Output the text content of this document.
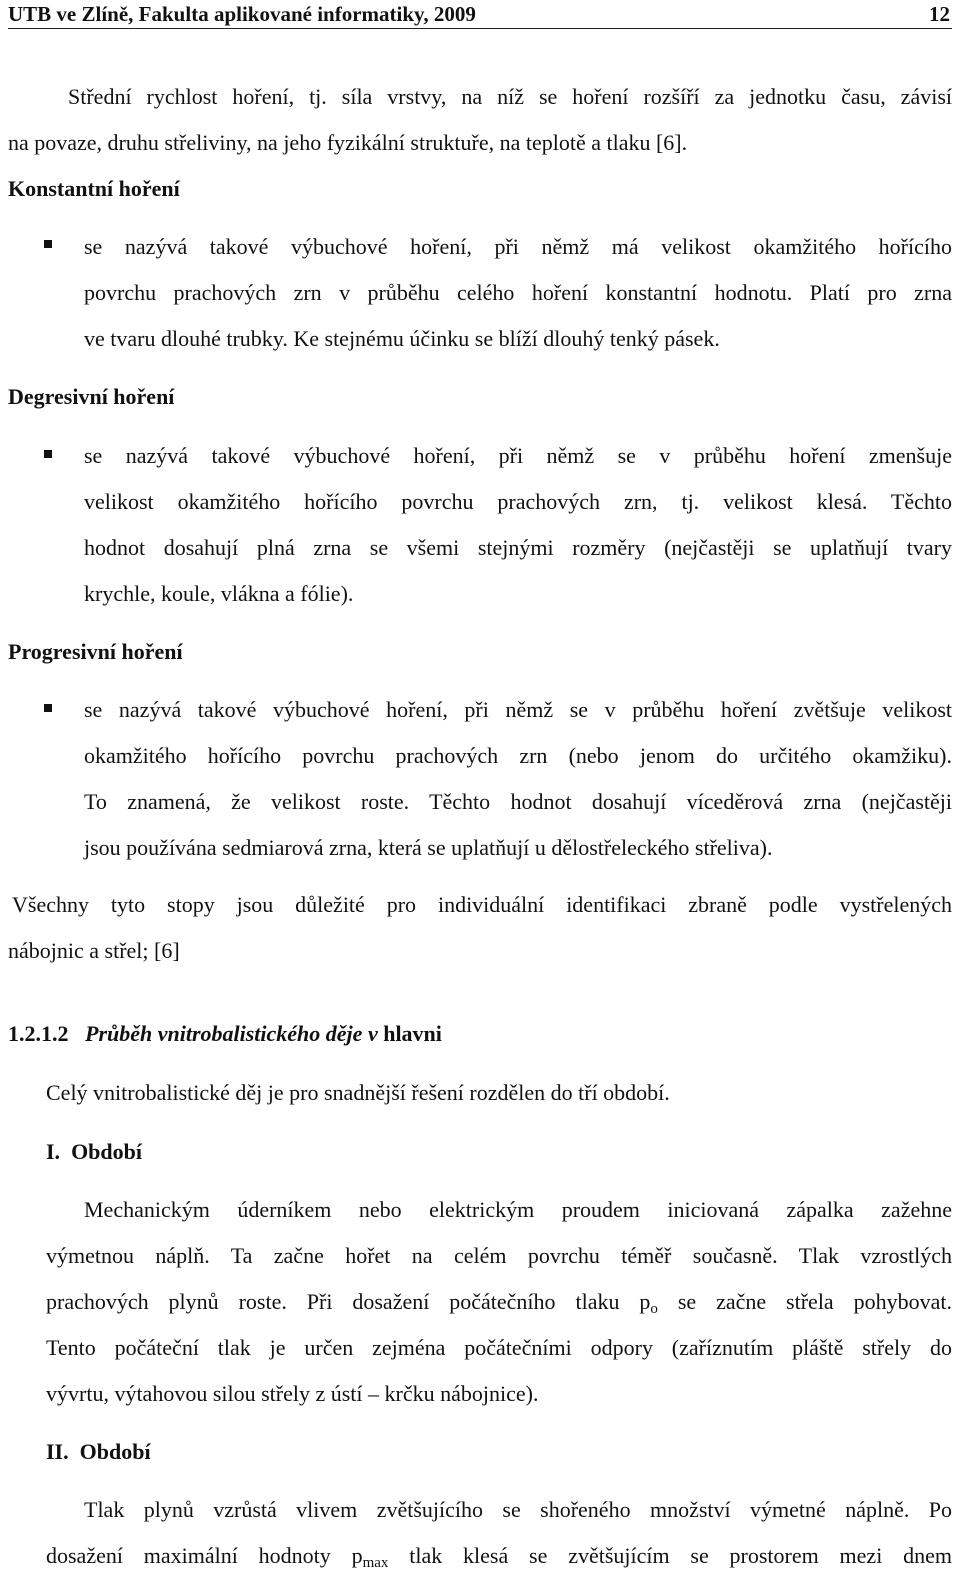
UTB ve Zlíně, Fakulta aplikované informatiky, 2009	12
Střední rychlost hoření, tj. síla vrstvy, na níž se hoření rozšíří za jednotku času, závisí
na povaze, druhu střeliviny, na jeho fyzikální struktuře, na teplotě a tlaku [6].
Konstantní hoření
se nazývá takové výbuchové hoření, při němž má velikost okamžitého hořícího
povrchu prachových zrn v průběhu celého hoření konstantní hodnotu. Platí pro zrna
ve tvaru dlouhé trubky. Ke stejnému účinku se blíží dlouhý tenký pásek.
Degresivní hoření
se nazývá takové výbuchové hoření, při němž se v průběhu hoření zmenšuje
velikost okamžitého hořícího povrchu prachových zrn, tj. velikost klesá. Těchto
hodnot dosahují plná zrna se všemi stejnými rozměry (nejčastěji se uplatňují tvary
krychle, koule, vlákna a fólie).
Progresivní hoření
se nazývá takové výbuchové hoření, při němž se v průběhu hoření zvětšuje velikost
okamžitého hořícího povrchu prachových zrn (nebo jenom do určitého okamžiku).
To znamená, že velikost roste. Těchto hodnot dosahují víceděrová zrna (nejčastěji
jsou používána sedmiarová zrna, která se uplatňují u dělostřeleckého střeliva).
Všechny tyto stopy jsou důležité pro individuální identifikaci zbraně podle vystřelených
nábojnic a střel; [6]
1.2.1.2 Průběh vnitrobalistického děje v hlavni
Celý vnitrobalistické děj je pro snadnější řešení rozdělen do tří období.
I. Období
Mechanickým úderníkem nebo elektrickým proudem iniciovaná zápalka zažehne
výmetnou náplň. Ta začne hořet na celém povrchu téměř současně. Tlak vzrostlých
prachových plynů roste. Při dosažení počátečního tlaku $p_o$ se začne střela pohybovat.
Tento počáteční tlak je určen zejména počátečními odpory (zaříznutím pláště střely do
vývrtu, výtahovou silou střely z ústí – krčku nábojnice).
II. Období
Tlak plynů vzrůstá vlivem zvětšujícího se shořeného množství výmetné náplně. Po
dosažení maximální hodnoty $p_{max}$ tlak klesá se zvětšujícím se prostorem mezi dnem
